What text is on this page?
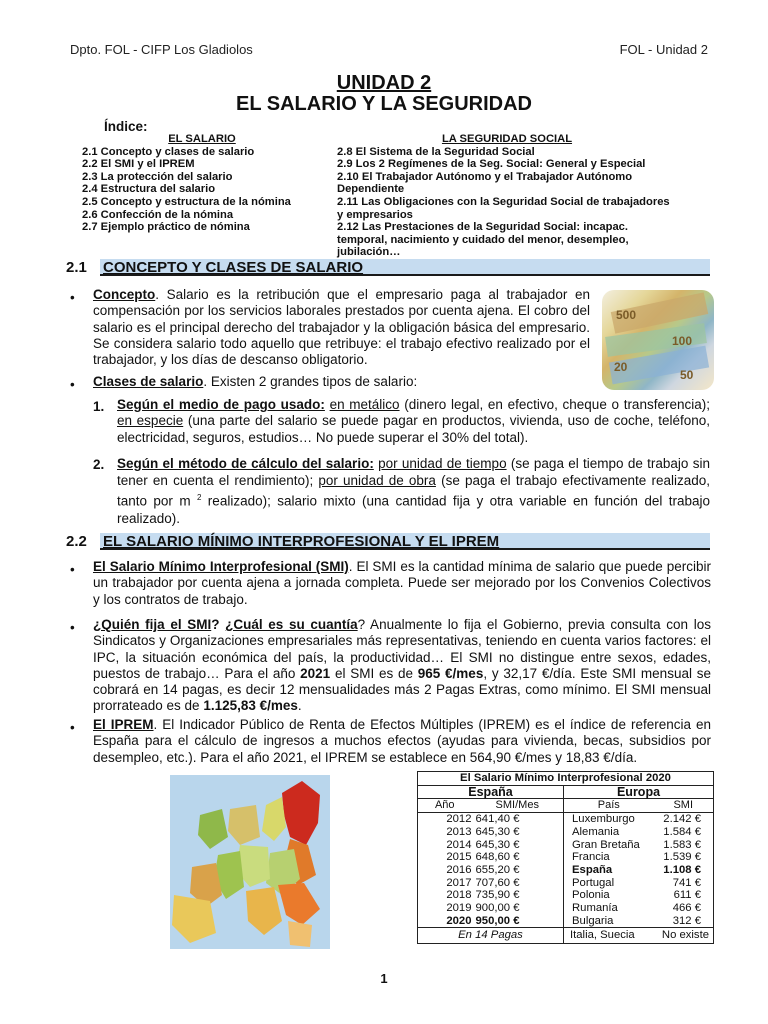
Dpto. FOL - CIFP Los Gladiolos	FOL - Unidad 2
UNIDAD 2
EL SALARIO Y LA SEGURIDAD
Índice:
EL SALARIO
2.1 Concepto y clases de salario
2.2 El SMI y el IPREM
2.3 La protección del salario
2.4 Estructura del salario
2.5 Concepto y estructura de la nómina
2.6 Confección de la nómina
2.7 Ejemplo práctico de nómina
LA SEGURIDAD SOCIAL
2.8 El Sistema de la Seguridad Social
2.9 Los 2 Regímenes de la Seg. Social: General y Especial
2.10 El Trabajador Autónomo y el Trabajador Autónomo Dependiente
2.11 Las Obligaciones con la Seguridad Social de trabajadores y empresarios
2.12 Las Prestaciones de la Seguridad Social: incapac. temporal, nacimiento y cuidado del menor, desempleo, jubilación…
2.1 CONCEPTO Y CLASES DE SALARIO
• Concepto. Salario es la retribución que el empresario paga al trabajador en compensación por los servicios laborales prestados por cuenta ajena. El cobro del salario es el principal derecho del trabajador y la obligación básica del empresario. Se considera salario todo aquello que retribuye: el trabajo efectivo realizado por el trabajador, y los días de descanso obligatorio.
500
100
20
50
• Clases de salario. Existen 2 grandes tipos de salario:
1. Según el medio de pago usado: en metálico (dinero legal, en efectivo, cheque o transferencia); en especie (una parte del salario se puede pagar en productos, vivienda, uso de coche, teléfono, electricidad, seguros, estudios… No puede superar el 30% del total).
2. Según el método de cálculo del salario: por unidad de tiempo (se paga el tiempo de trabajo sin tener en cuenta el rendimiento); por unidad de obra (se paga el trabajo efectivamente realizado, tanto por m $^2$ realizado); salario mixto (una cantidad fija y otra variable en función del trabajo realizado).
2.2 EL SALARIO MÍNIMO INTERPROFESIONAL Y EL IPREM
• El Salario Mínimo Interprofesional (SMI). El SMI es la cantidad mínima de salario que puede percibir un trabajador por cuenta ajena a jornada completa. Puede ser mejorado por los Convenios Colectivos y los contratos de trabajo.
• ¿Quién fija el SMI? ¿Cuál es su cuantía? Anualmente lo fija el Gobierno, previa consulta con los Sindicatos y Organizaciones empresariales más representativas, teniendo en cuenta varios factores: el IPC, la situación económica del país, la productividad… El SMI no distingue entre sexos, edades, puestos de trabajo… Para el año 2021 el SMI es de 965 €/mes, y 32,17 €/día. Este SMI mensual se cobrará en 14 pagas, es decir 12 mensualidades más 2 Pagas Extras, como mínimo. El SMI mensual prorrateado es de 1.125,83 €/mes.
• El IPREM. El Indicador Público de Renta de Efectos Múltiples (IPREM) es el índice de referencia en España para el cálculo de ingresos a muchos efectos (ayudas para vivienda, becas, subsidios por desempleo, etc.). Para el año 2021, el IPREM se establece en 564,90 €/mes y 18,83 €/día.
El Salario Mínimo Interprofesional 2020			
España		Europa	
Año	SMI/Mes	País	SMI
2012	641,40 €	Luxemburgo	2.142 €
2013	645,30 €	Alemania	1.584 €
2014	645,30 €	Gran Bretaña	1.583 €
2015	648,60 €	Francia	1.539 €
2016	655,20 €	España	1.108 €
2017	707,60 €	Portugal	741 €
2018	735,90 €	Polonia	611 €
2019	900,00 €	Rumanía	466 €
2020	950,00 €	Bulgaria	312 €
En 14 Pagas		Italia, Suecia	No existe
1
